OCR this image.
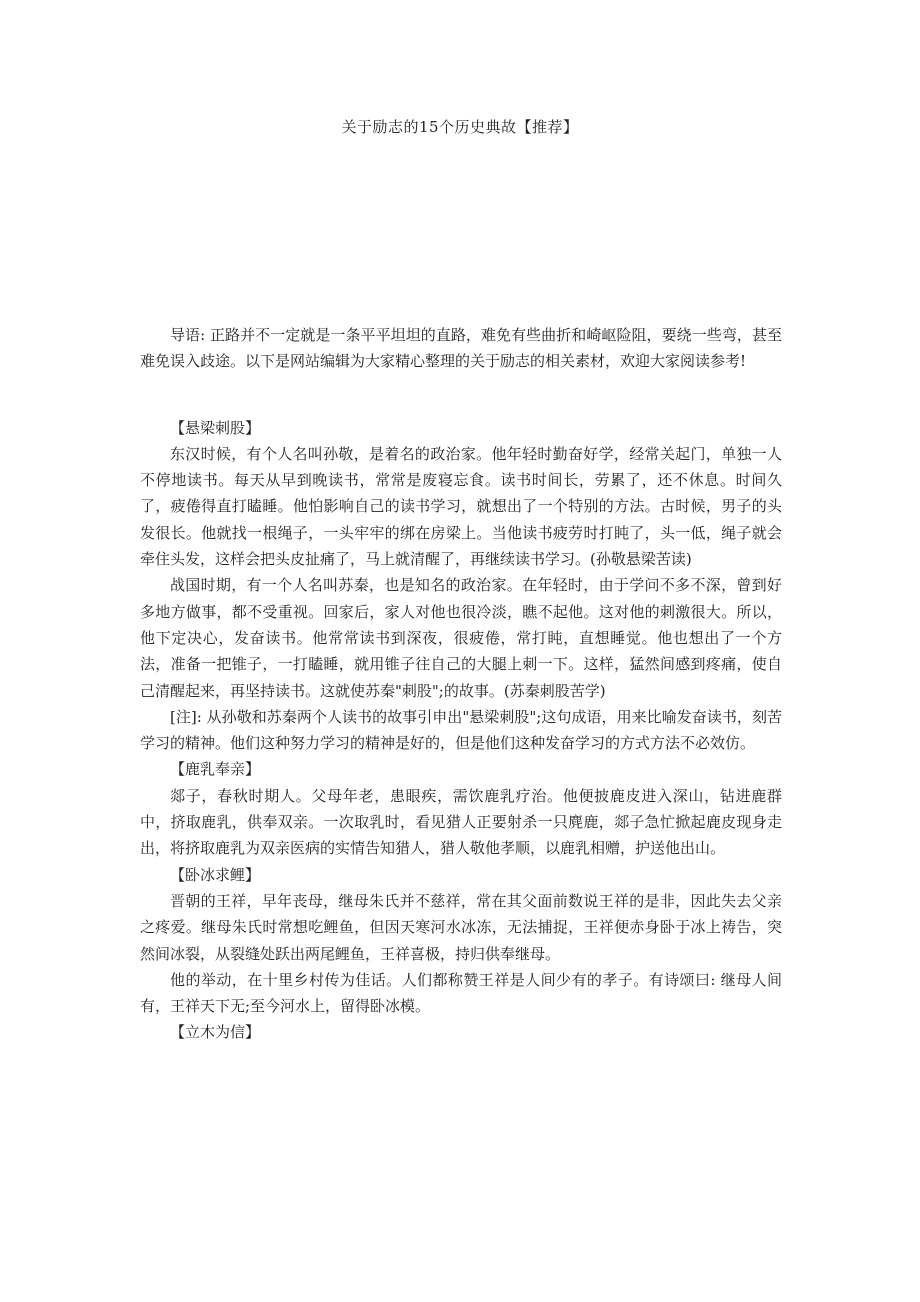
关于励志的15个历史典故【推荐】

导语: 正路并不一定就是一条平平坦坦的直路，难免有些曲折和崎岖险阻，要绕一些弯，甚至难免误入歧途。以下是网站编辑为大家精心整理的关于励志的相关素材，欢迎大家阅读参考!

【悬梁刺股】

东汉时候，有个人名叫孙敬，是着名的政治家。他年轻时勤奋好学，经常关起门，单独一人不停地读书。每天从早到晚读书，常常是废寝忘食。读书时间长，劳累了，还不休息。时间久了，疲倦得直打瞌睡。他怕影响自己的读书学习，就想出了一个特别的方法。古时候，男子的头发很长。他就找一根绳子，一头牢牢的绑在房梁上。当他读书疲劳时打盹了，头一低，绳子就会牵住头发，这样会把头皮扯痛了，马上就清醒了，再继续读书学习。(孙敬悬梁苦读)

战国时期，有一个人名叫苏秦，也是知名的政治家。在年轻时，由于学问不多不深，曾到好多地方做事，都不受重视。回家后，家人对他也很冷淡，瞧不起他。这对他的刺激很大。所以，他下定决心，发奋读书。他常常读书到深夜，很疲倦，常打盹，直想睡觉。他也想出了一个方法，准备一把锥子，一打瞌睡，就用锥子往自己的大腿上刺一下。这样，猛然间感到疼痛，使自己清醒起来，再坚持读书。这就使苏秦"刺股";的故事。(苏秦刺股苦学)

[注]: 从孙敬和苏秦两个人读书的故事引申出"悬梁刺股";这句成语，用来比喻发奋读书，刻苦学习的精神。他们这种努力学习的精神是好的，但是他们这种发奋学习的方式方法不必效仿。

【鹿乳奉亲】

郯子，春秋时期人。父母年老，患眼疾，需饮鹿乳疗治。他便披鹿皮进入深山，钻进鹿群中，挤取鹿乳，供奉双亲。一次取乳时，看见猎人正要射杀一只麂鹿，郯子急忙掀起鹿皮现身走出，将挤取鹿乳为双亲医病的实情告知猎人，猎人敬他孝顺，以鹿乳相赠，护送他出山。

【卧冰求鲤】

晋朝的王祥，早年丧母，继母朱氏并不慈祥，常在其父面前数说王祥的是非，因此失去父亲之疼爱。继母朱氏时常想吃鲤鱼，但因天寒河水冰冻，无法捕捉，王祥便赤身卧于冰上祷告，突然间冰裂，从裂缝处跃出两尾鲤鱼，王祥喜极，持归供奉继母。

他的举动，在十里乡村传为佳话。人们都称赞王祥是人间少有的孝子。有诗颂曰: 继母人间有，王祥天下无;至今河水上，留得卧冰模。

【立木为信】
